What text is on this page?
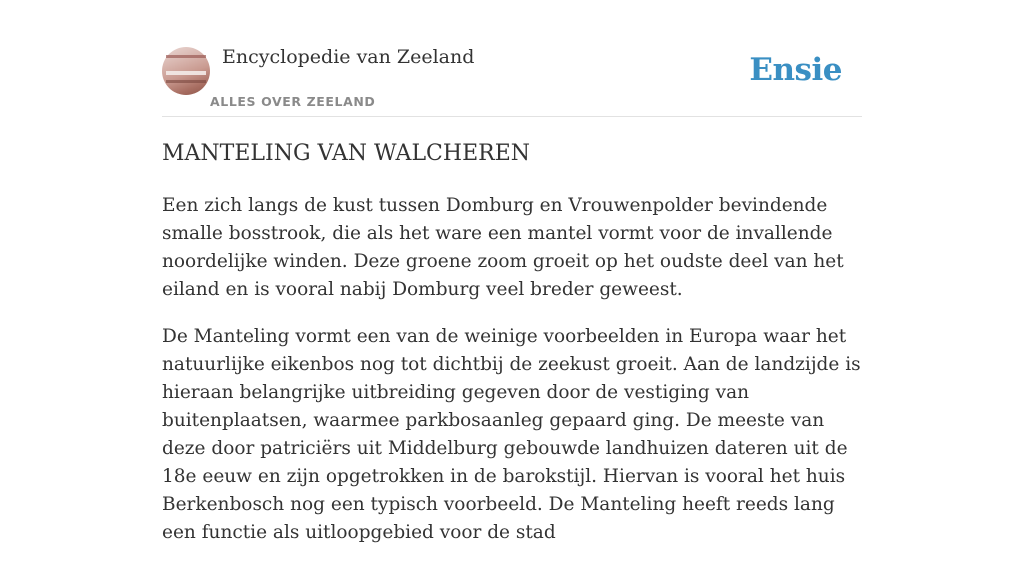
Encyclopedie van Zeeland
ALLES OVER ZEELAND
Ensie
MANTELING VAN WALCHEREN

Een zich langs de kust tussen Domburg en Vrouwenpolder bevindende smalle bosstrook, die als het ware een mantel vormt voor de invallende noordelijke winden. Deze groene zoom groeit op het oudste deel van het eiland en is vooral nabij Domburg veel breder geweest.

De Manteling vormt een van de weinige voorbeelden in Europa waar het natuurlijke eikenbos nog tot dichtbij de zeekust groeit. Aan de landzijde is hieraan belangrijke uitbreiding gegeven door de vestiging van buitenplaatsen, waarmee parkbosaanleg gepaard ging. De meeste van deze door patriciërs uit Middelburg gebouwde landhuizen dateren uit de 18e eeuw en zijn opgetrokken in de barokstijl. Hiervan is vooral het huis Berkenbosch nog een typisch voorbeeld. De Manteling heeft reeds lang een functie als uitloopgebied voor de stad
